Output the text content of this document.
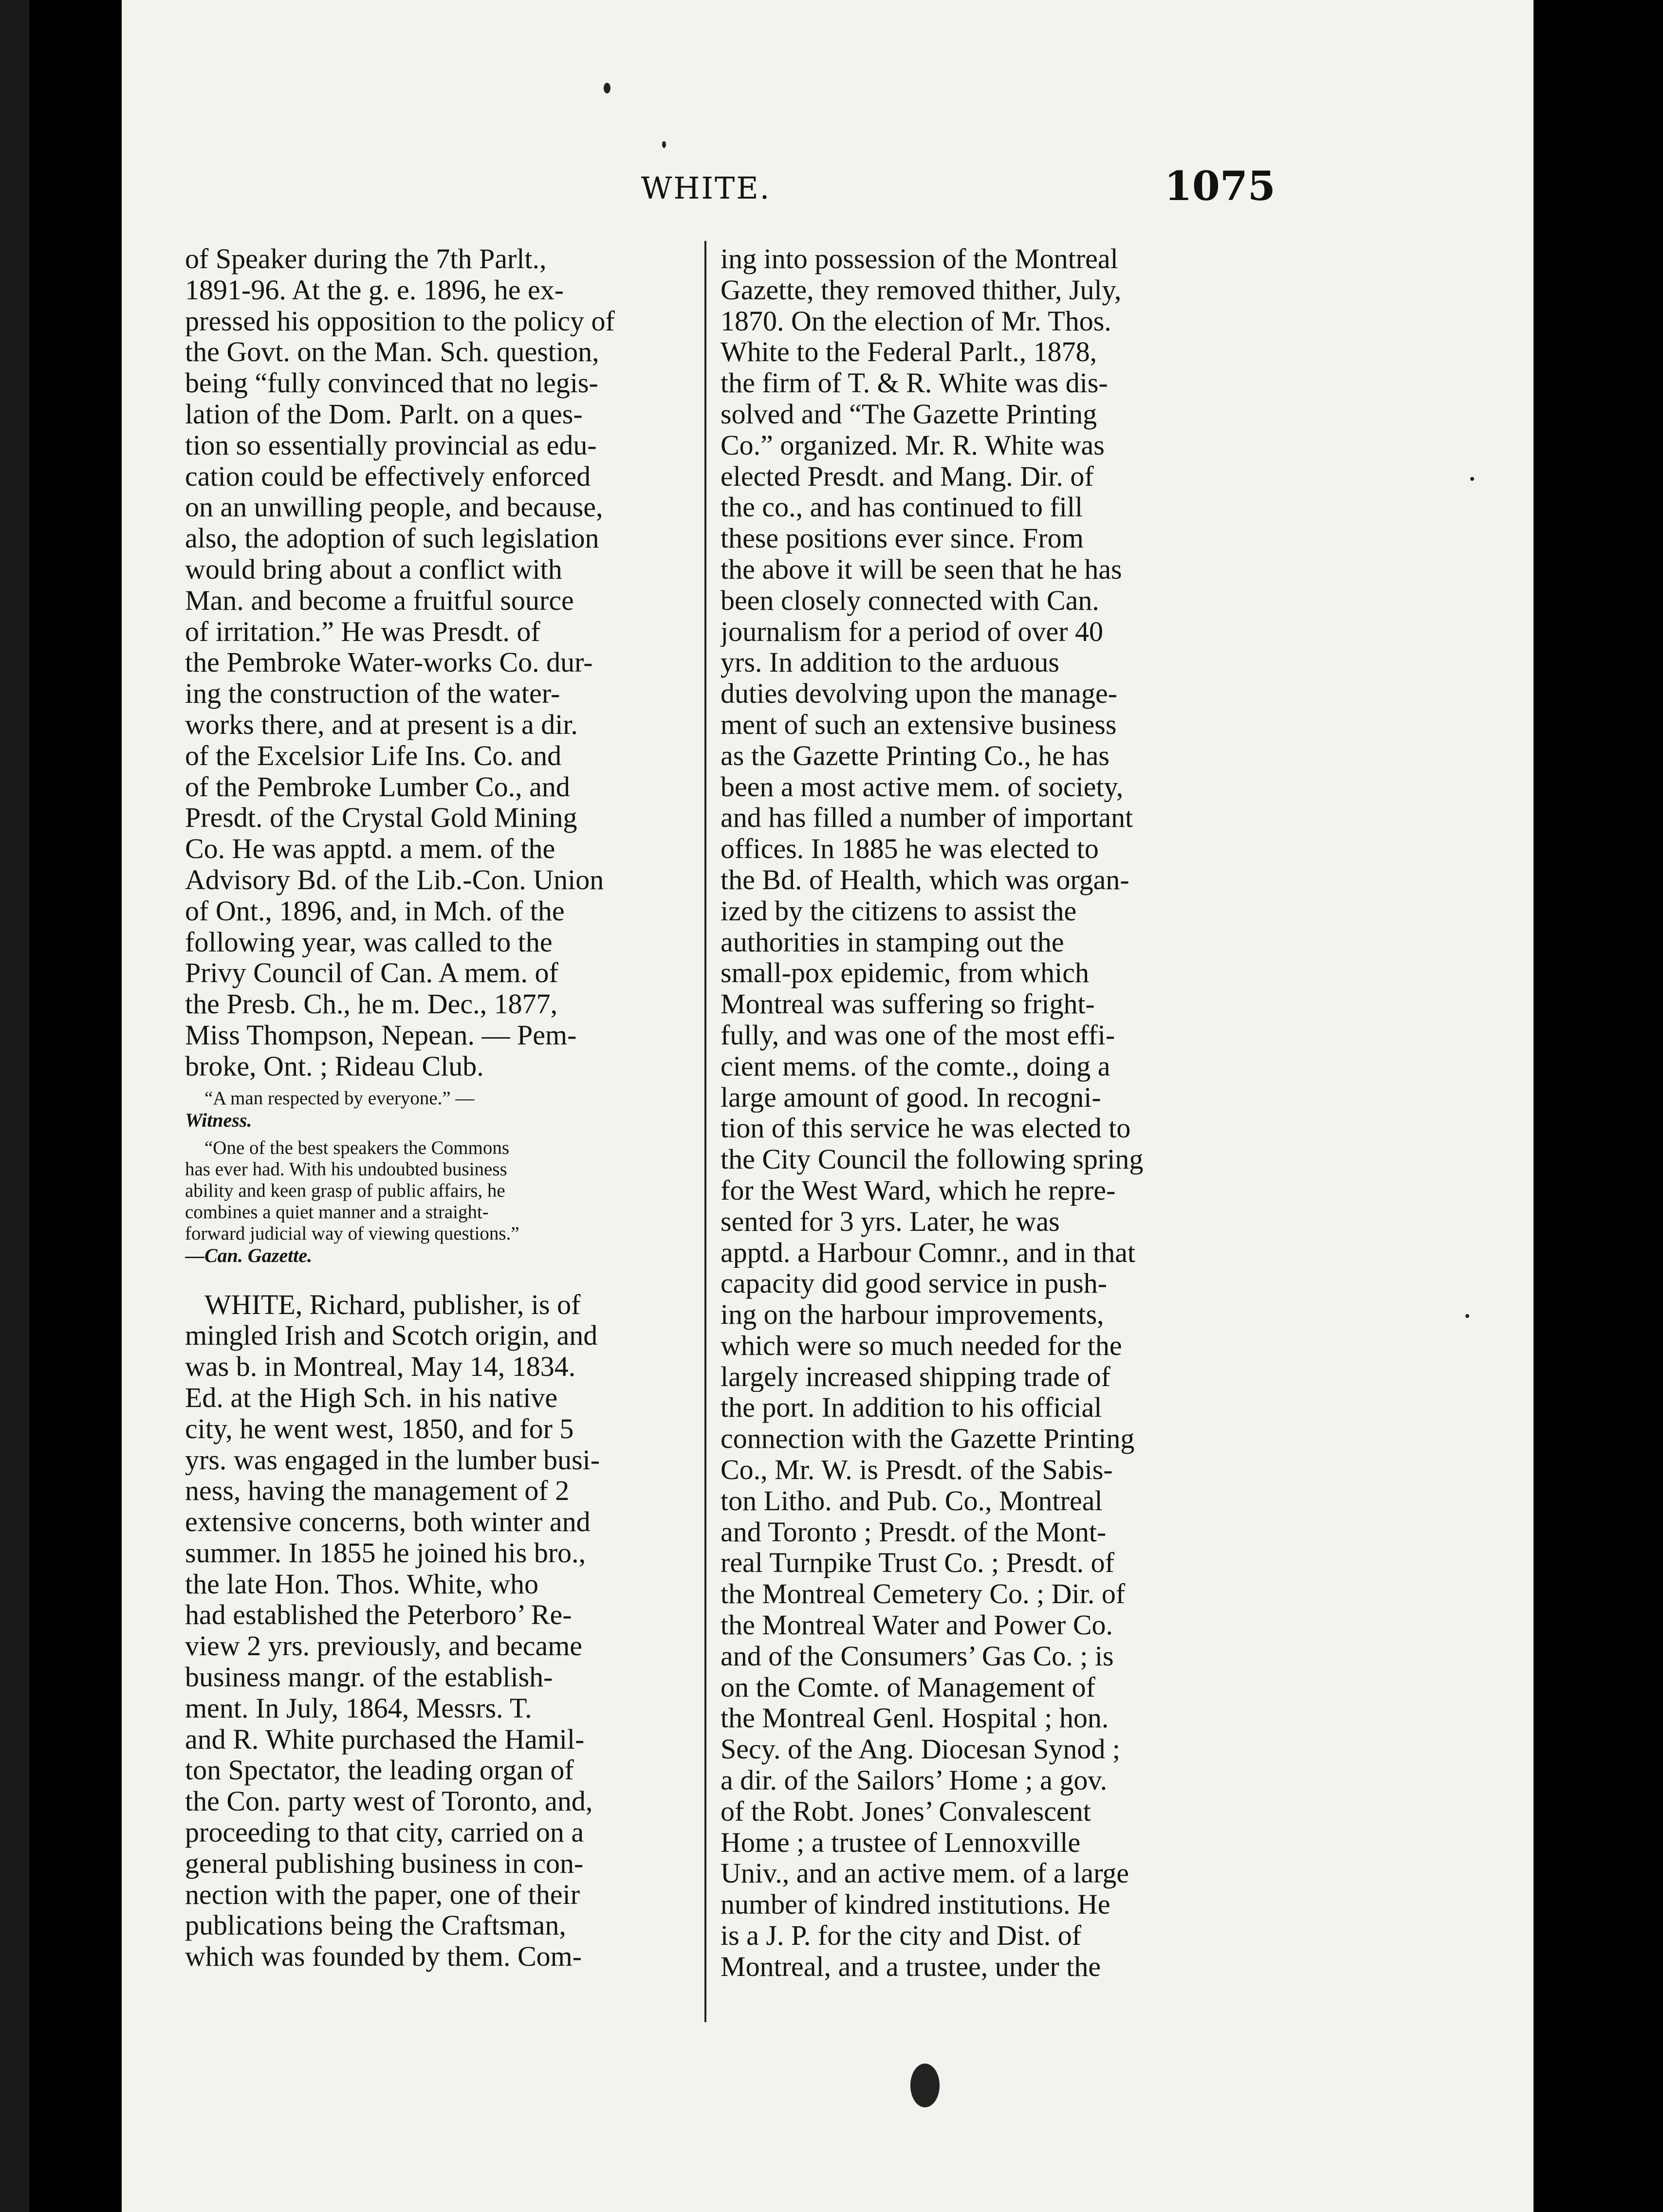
WHITE.	1075
of Speaker during the 7th Parlt.,
1891-96. At the g. e. 1896, he ex-
pressed his opposition to the policy of
the Govt. on the Man. Sch. question,
being “fully convinced that no legis-
lation of the Dom. Parlt. on a ques-
tion so essentially provincial as edu-
cation could be effectively enforced
on an unwilling people, and because,
also, the adoption of such legislation
would bring about a conflict with
Man. and become a fruitful source
of irritation.” He was Presdt. of
the Pembroke Water-works Co. dur-
ing the construction of the water-
works there, and at present is a dir.
of the Excelsior Life Ins. Co. and
of the Pembroke Lumber Co., and
Presdt. of the Crystal Gold Mining
Co. He was apptd. a mem. of the
Advisory Bd. of the Lib.-Con. Union
of Ont., 1896, and, in Mch. of the
following year, was called to the
Privy Council of Can. A mem. of
the Presb. Ch., he m. Dec., 1877,
Miss Thompson, Nepean. — Pem-
broke, Ont. ; Rideau Club.
“A man respected by everyone.” —
Witness.
“One of the best speakers the Commons
has ever had. With his undoubted business
ability and keen grasp of public affairs, he
combines a quiet manner and a straight-
forward judicial way of viewing questions.”
—Can. Gazette.
WHITE, Richard, publisher, is of
mingled Irish and Scotch origin, and
was b. in Montreal, May 14, 1834.
Ed. at the High Sch. in his native
city, he went west, 1850, and for 5
yrs. was engaged in the lumber busi-
ness, having the management of 2
extensive concerns, both winter and
summer. In 1855 he joined his bro.,
the late Hon. Thos. White, who
had established the Peterboro’ Re-
view 2 yrs. previously, and became
business mangr. of the establish-
ment. In July, 1864, Messrs. T.
and R. White purchased the Hamil-
ton Spectator, the leading organ of
the Con. party west of Toronto, and,
proceeding to that city, carried on a
general publishing business in con-
nection with the paper, one of their
publications being the Craftsman,
which was founded by them. Com-
ing into possession of the Montreal
Gazette, they removed thither, July,
1870. On the election of Mr. Thos.
White to the Federal Parlt., 1878,
the firm of T. & R. White was dis-
solved and “The Gazette Printing
Co.” organized. Mr. R. White was
elected Presdt. and Mang. Dir. of
the co., and has continued to fill
these positions ever since. From
the above it will be seen that he has
been closely connected with Can.
journalism for a period of over 40
yrs. In addition to the arduous
duties devolving upon the manage-
ment of such an extensive business
as the Gazette Printing Co., he has
been a most active mem. of society,
and has filled a number of important
offices. In 1885 he was elected to
the Bd. of Health, which was organ-
ized by the citizens to assist the
authorities in stamping out the
small-pox epidemic, from which
Montreal was suffering so fright-
fully, and was one of the most effi-
cient mems. of the comte., doing a
large amount of good. In recogni-
tion of this service he was elected to
the City Council the following spring
for the West Ward, which he repre-
sented for 3 yrs. Later, he was
apptd. a Harbour Comnr., and in that
capacity did good service in push-
ing on the harbour improvements,
which were so much needed for the
largely increased shipping trade of
the port. In addition to his official
connection with the Gazette Printing
Co., Mr. W. is Presdt. of the Sabis-
ton Litho. and Pub. Co., Montreal
and Toronto ; Presdt. of the Mont-
real Turnpike Trust Co. ; Presdt. of
the Montreal Cemetery Co. ; Dir. of
the Montreal Water and Power Co.
and of the Consumers’ Gas Co. ; is
on the Comte. of Management of
the Montreal Genl. Hospital ; hon.
Secy. of the Ang. Diocesan Synod ;
a dir. of the Sailors’ Home ; a gov.
of the Robt. Jones’ Convalescent
Home ; a trustee of Lennoxville
Univ., and an active mem. of a large
number of kindred institutions. He
is a J. P. for the city and Dist. of
Montreal, and a trustee, under the
